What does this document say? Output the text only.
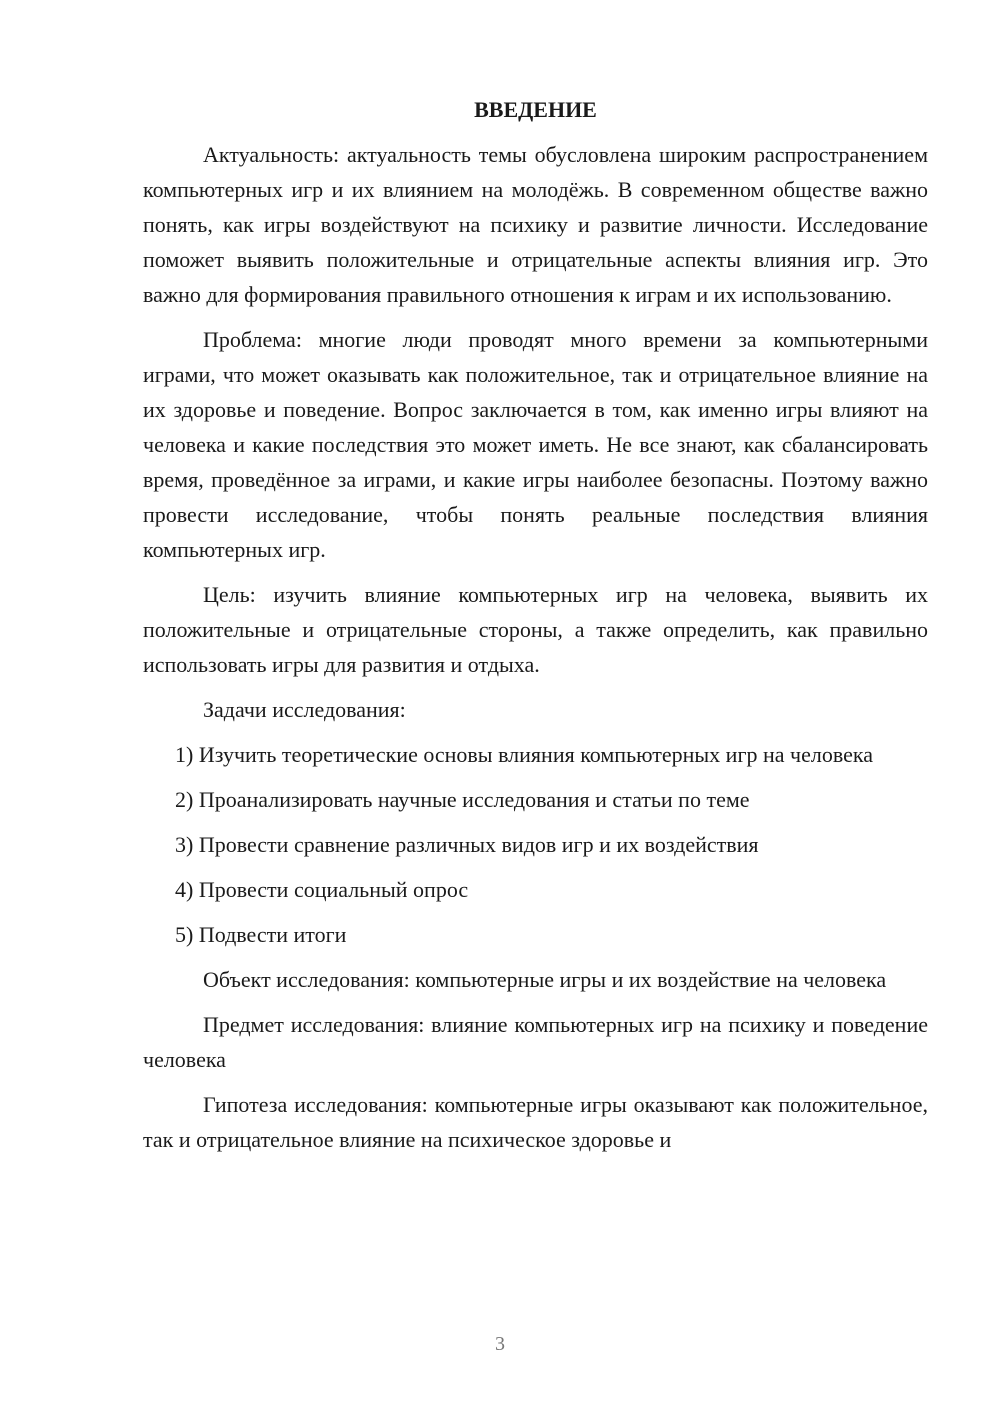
ВВЕДЕНИЕ

Актуальность: актуальность темы обусловлена широким распространением компьютерных игр и их влиянием на молодёжь. В современном обществе важно понять, как игры воздействуют на психику и развитие личности. Исследование поможет выявить положительные и отрицательные аспекты влияния игр. Это важно для формирования правильного отношения к играм и их использованию.

Проблема: многие люди проводят много времени за компьютерными играми, что может оказывать как положительное, так и отрицательное влияние на их здоровье и поведение. Вопрос заключается в том, как именно игры влияют на человека и какие последствия это может иметь. Не все знают, как сбалансировать время, проведённое за играми, и какие игры наиболее безопасны. Поэтому важно провести исследование, чтобы понять реальные последствия влияния компьютерных игр.

Цель: изучить влияние компьютерных игр на человека, выявить их положительные и отрицательные стороны, а также определить, как правильно использовать игры для развития и отдыха.

Задачи исследования:

1) Изучить теоретические основы влияния компьютерных игр на человека

2) Проанализировать научные исследования и статьи по теме

3) Провести сравнение различных видов игр и их воздействия

4) Провести социальный опрос

5) Подвести итоги

Объект исследования: компьютерные игры и их воздействие на человека

Предмет исследования: влияние компьютерных игр на психику и поведение человека

Гипотеза исследования: компьютерные игры оказывают как положительное, так и отрицательное влияние на психическое здоровье и

3
